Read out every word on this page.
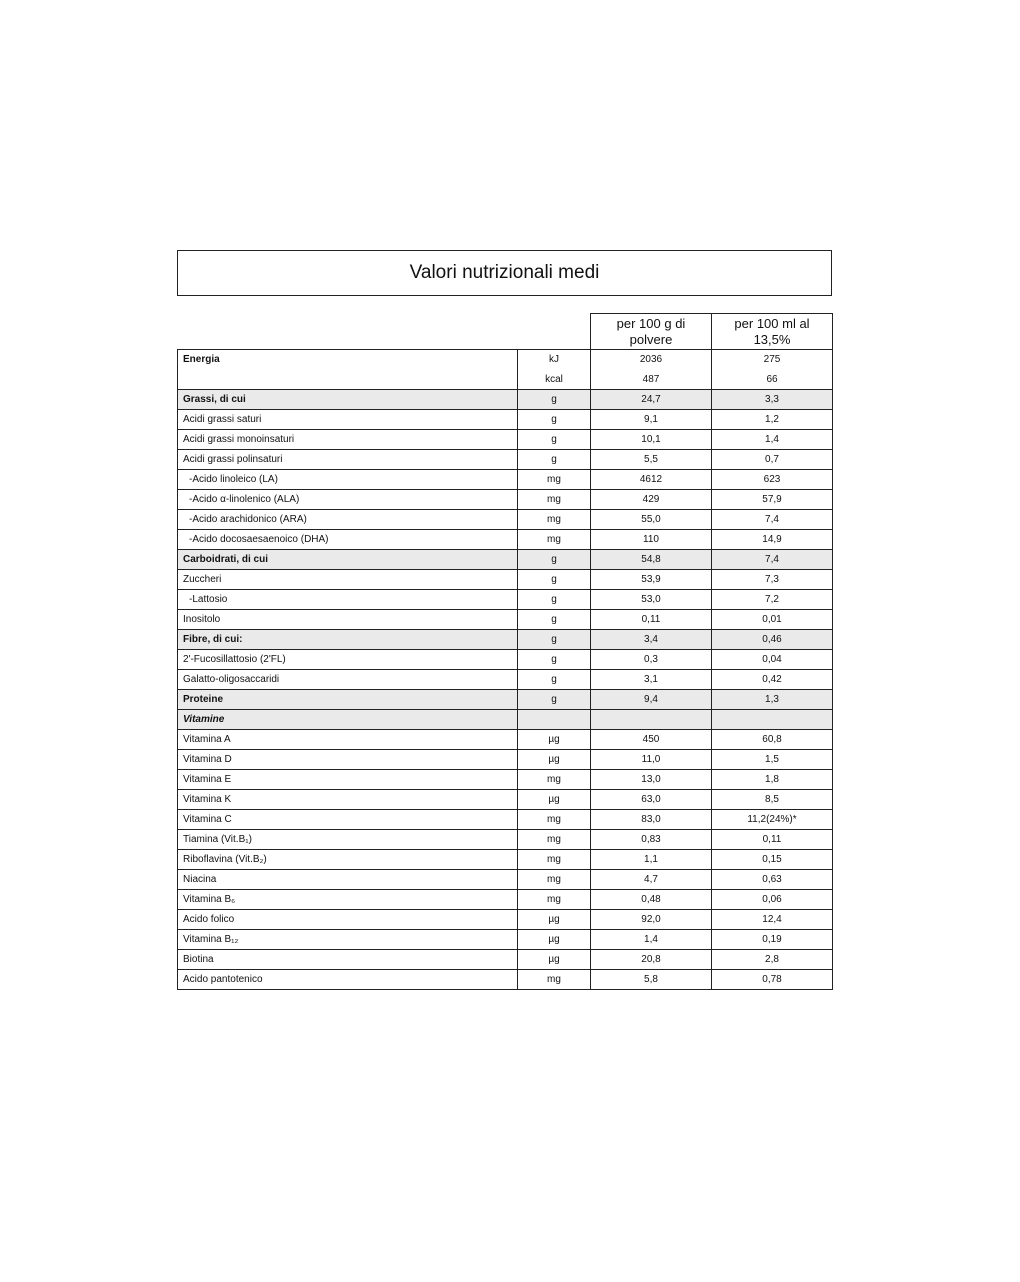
Valori nutrizionali medi
		per 100 g di polvere	per 100 ml al 13,5%
Energia	kJ	2036	275
	kcal	487	66
Grassi, di cui	g	24,7	3,3
Acidi grassi saturi	g	9,1	1,2
Acidi grassi monoinsaturi	g	10,1	1,4
Acidi grassi polinsaturi	g	5,5	0,7
-Acido linoleico (LA)	mg	4612	623
-Acido α-linolenico (ALA)	mg	429	57,9
-Acido arachidonico (ARA)	mg	55,0	7,4
-Acido docosaesaenoico (DHA)	mg	110	14,9
Carboidrati, di cui	g	54,8	7,4
Zuccheri	g	53,9	7,3
-Lattosio	g	53,0	7,2
Inositolo	g	0,11	0,01
Fibre, di cui:	g	3,4	0,46
2'-Fucosillattosio (2'FL)	g	0,3	0,04
Galatto-oligosaccaridi	g	3,1	0,42
Proteine	g	9,4	1,3
Vitamine			
Vitamina A	µg	450	60,8
Vitamina D	µg	11,0	1,5
Vitamina E	mg	13,0	1,8
Vitamina K	µg	63,0	8,5
Vitamina C	mg	83,0	11,2(24%)*
Tiamina (Vit.B₁)	mg	0,83	0,11
Riboflavina (Vit.B₂)	mg	1,1	0,15
Niacina	mg	4,7	0,63
Vitamina B₆	mg	0,48	0,06
Acido folico	µg	92,0	12,4
Vitamina B₁₂	µg	1,4	0,19
Biotina	µg	20,8	2,8
Acido pantotenico	mg	5,8	0,78
